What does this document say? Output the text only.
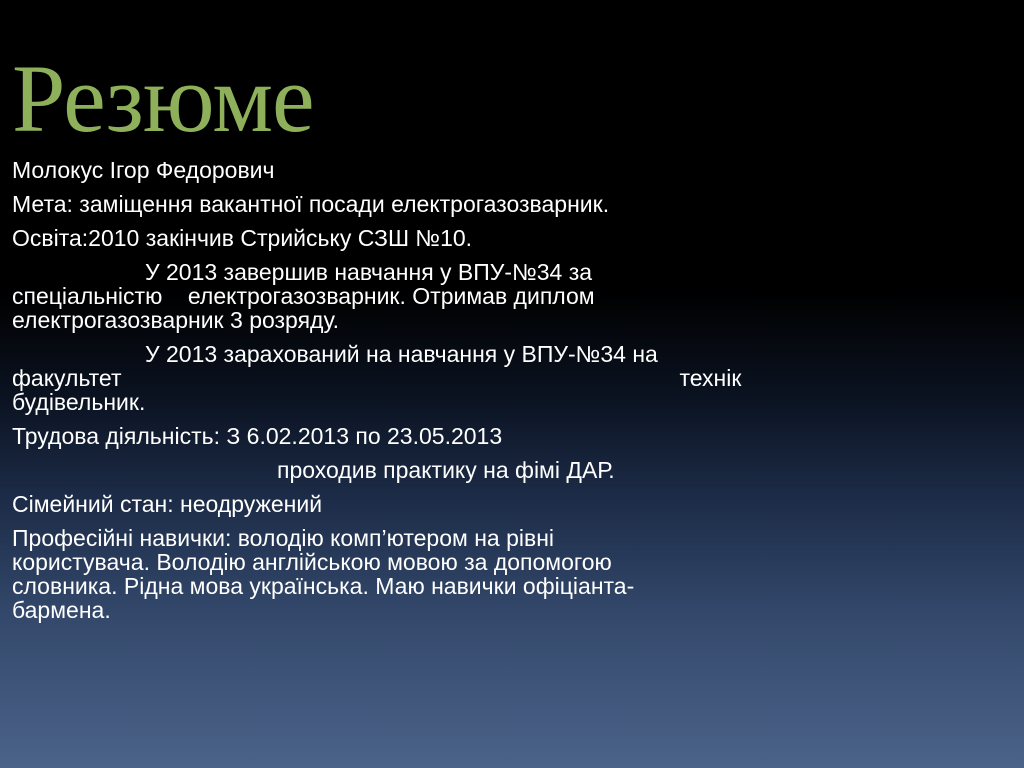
Резюме

Молокус Ігор Федорович

Мета: заміщення вакантної посади електрогазозварник.

Освіта:2010 закінчив Стрийську СЗШ №10.

У 2013 завершив навчання у ВПУ-№34 за
спеціальністю    електрогазозварник. Отримав диплом
електрогазозварник 3 розряду.

У 2013 зарахований на навчання у ВПУ-№34 на
факультет	технік
будівельник.

Трудова діяльність: З 6.02.2013 по 23.05.2013
проходив практику на фімі ДАР.

Сімейний стан: неодружений

Професійні навички: володію комп’ютером на рівні
користувача. Володію англійською мовою за допомогою
словника. Рідна мова українська. Маю навички офіціанта-
бармена.
